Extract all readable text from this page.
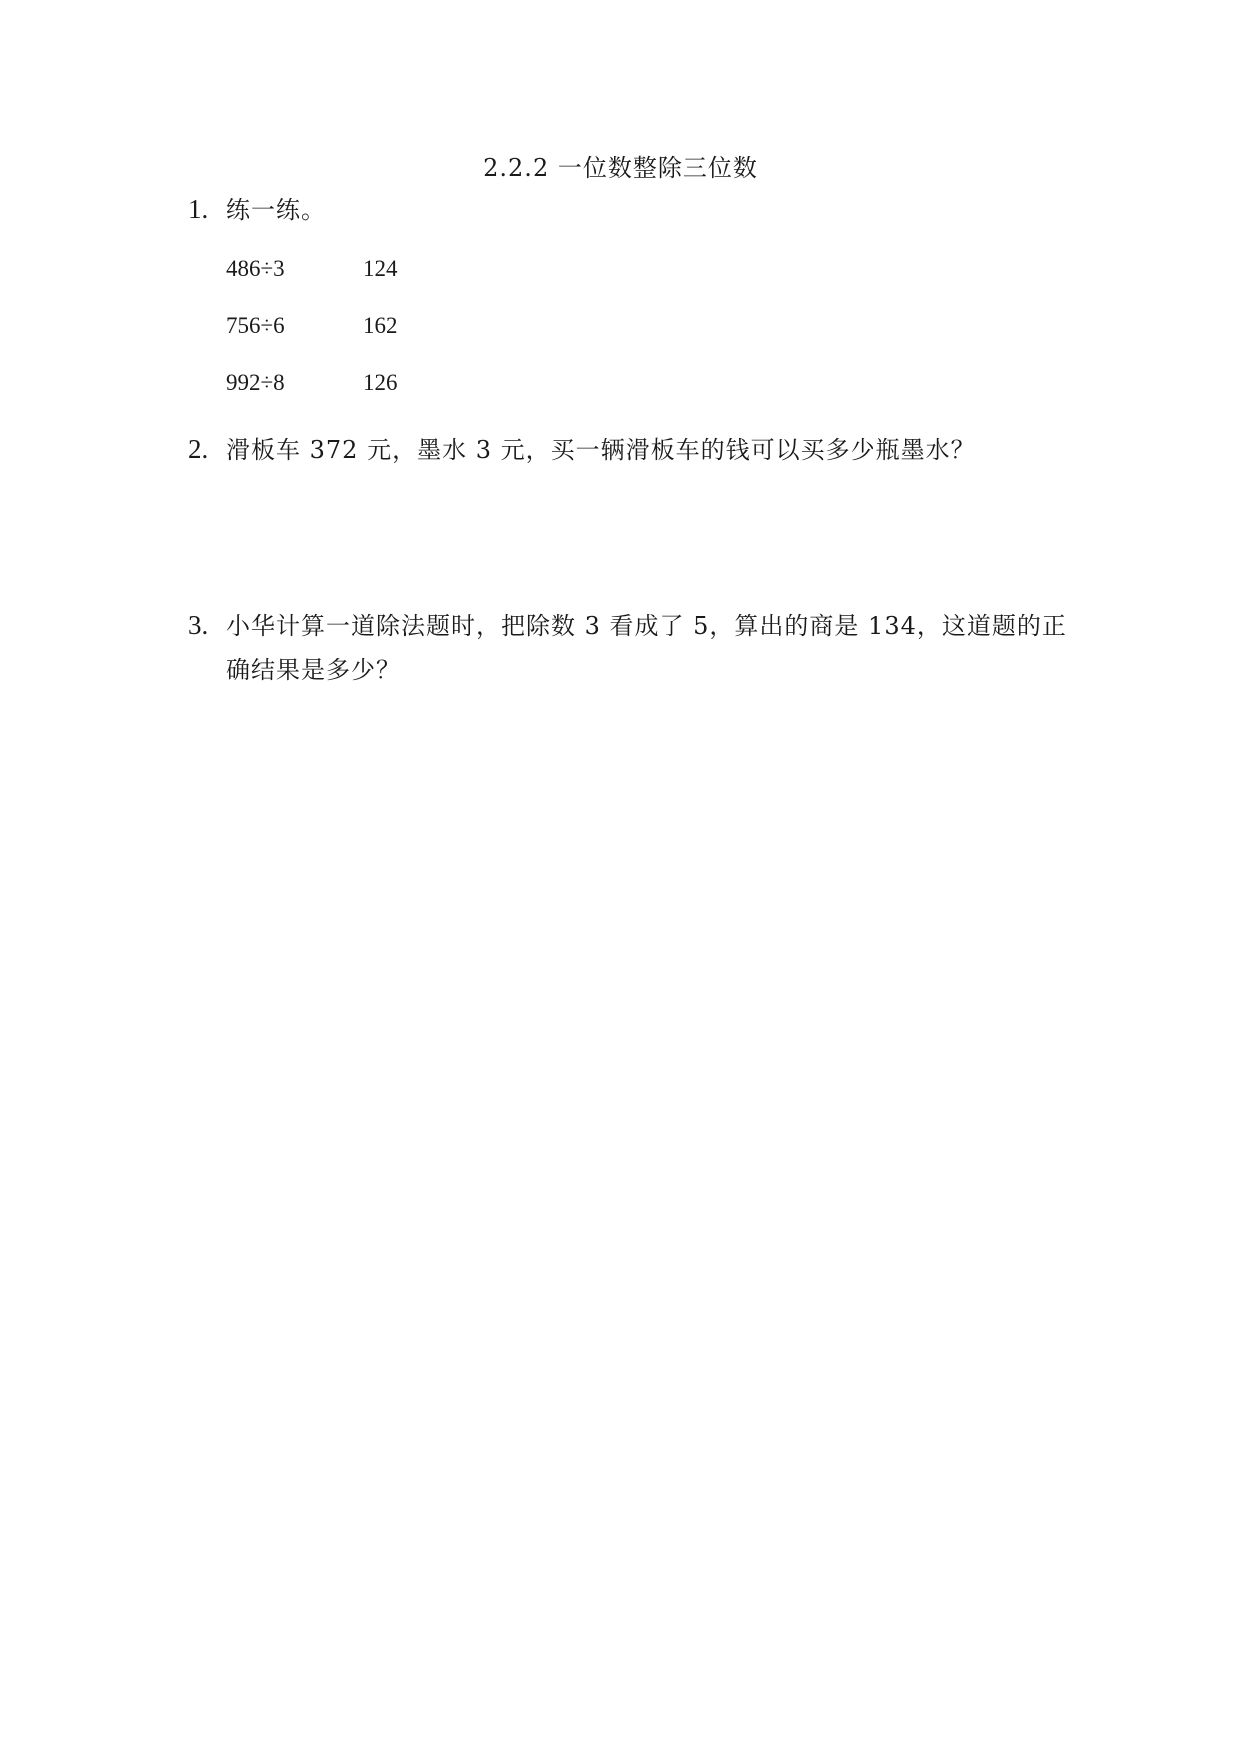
2.2.2 一位数整除三位数
1. 练一练。
486÷3	124
756÷6	162
992÷8	126
2. 滑板车 372 元，墨水 3 元，买一辆滑板车的钱可以买多少瓶墨水？
3. 小华计算一道除法题时，把除数 3 看成了 5，算出的商是 134，这道题的正
确结果是多少？
